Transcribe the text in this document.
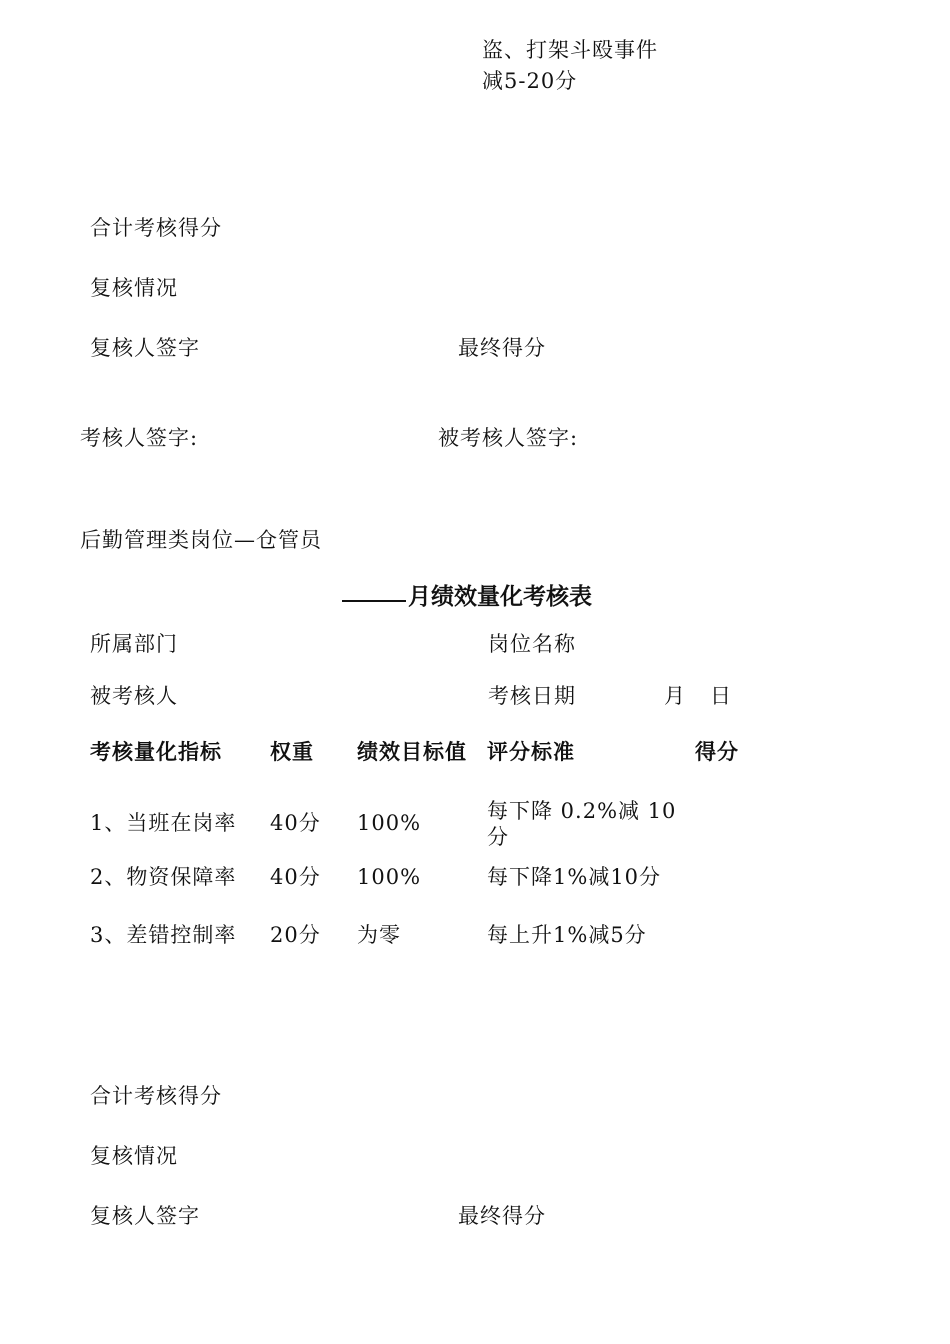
盗、打架斗殴事件
减5-20分
合计考核得分
复核情况
复核人签字	最终得分
考核人签字:	被考核人签字:
后勤管理类岗位—仓管员
月绩效量化考核表
所属部门	岗位名称
被考核人	考核日期	月 日
考核量化指标 权重 绩效目标值 评分标准	得分
1、当班在岗率 40分 100%	每下降 0.2%减 10分
2、物资保障率 40分 100%	每下降1%减10分
3、差错控制率 20分 为零	每上升1%减5分
合计考核得分
复核情况
复核人签字	最终得分
